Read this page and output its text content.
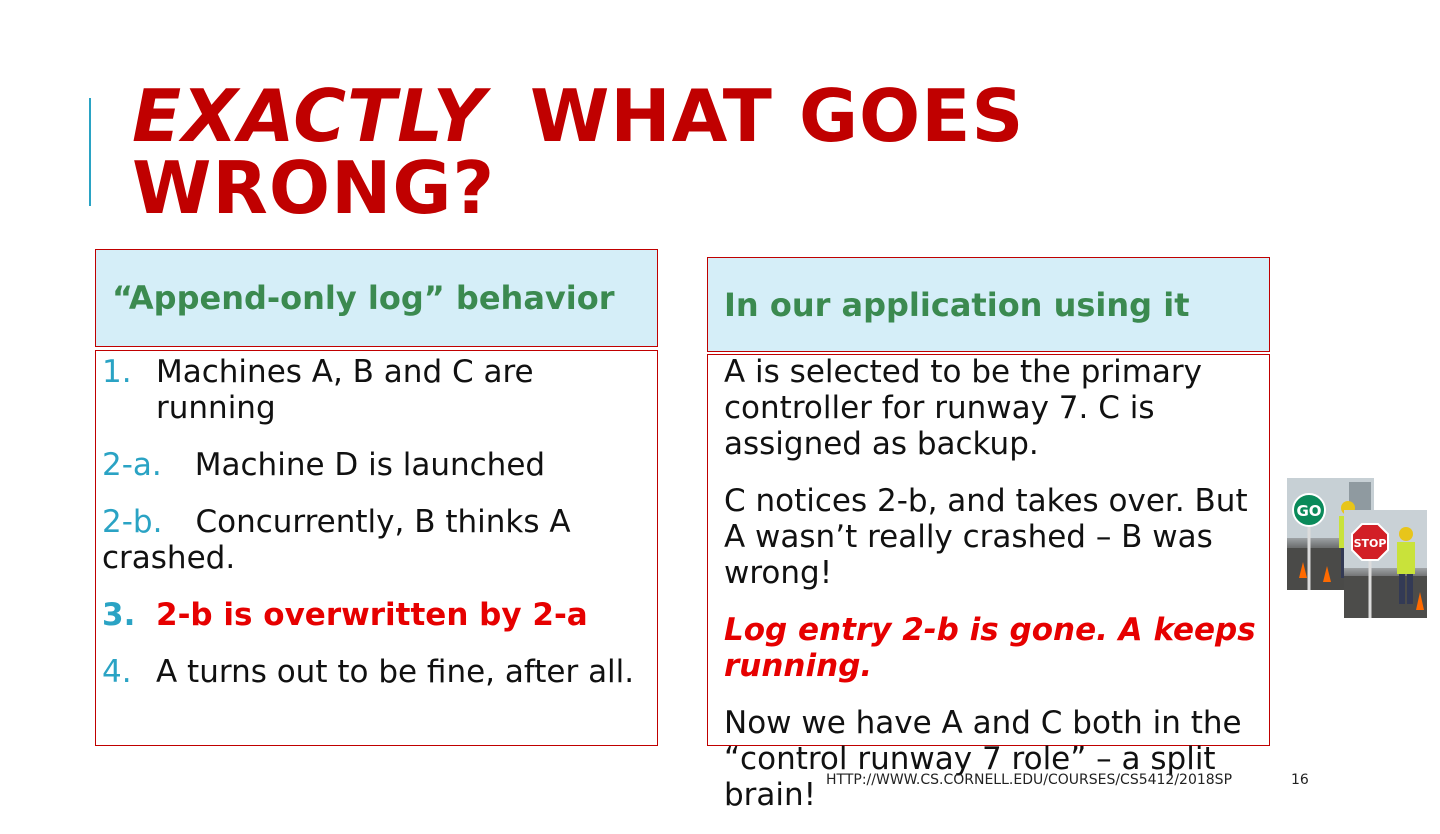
EXACTLY WHAT GOES WRONG?
“Append-only log” behavior	In our application using it
1. Machines A, B and C are running
2-a. Machine D is launched
2-b. Concurrently, B thinks A crashed.
3. 2-b is overwritten by 2-a
4. A turns out to be fine, after all.

A is selected to be the primary controller for runway 7. C is assigned as backup.

C notices 2-b, and takes over. But A wasn’t really crashed – B was wrong!

Log entry 2-b is gone. A keeps running.

Now we have A and C both in the “control runway 7 role” – a split brain!

GO
STOP
HTTP://WWW.CS.CORNELL.EDU/COURSES/CS5412/2018SP	16
